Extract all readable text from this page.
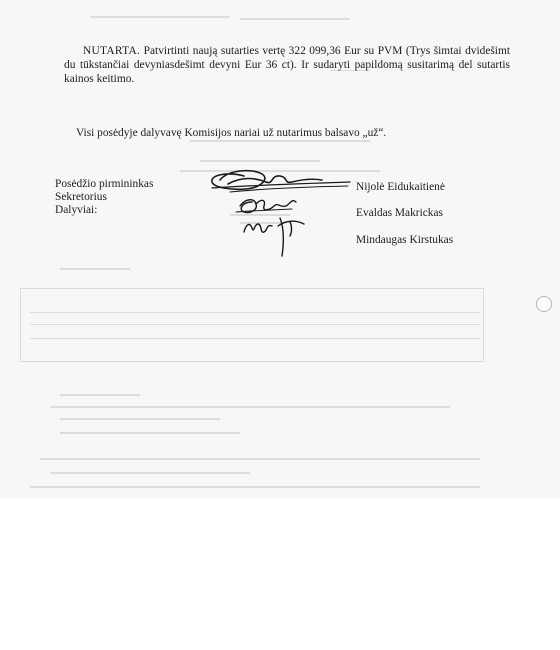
NUTARTA. Patvirtinti naują sutarties vertę 322 099,36 Eur su PVM (Trys šimtai dvidešimt du tūkstančiai devyniasdešimt devyni Eur 36 ct). Ir sudaryti papildomą susitarimą del sutartis kainos keitimo.

Visi posėdyje dalyvavę Komisijos nariai už nutarimus balsavo „už“.

Posėdžio pirmininkas
Sekretorius
Dalyviai:
Nijolė Eidukaitienė
Evaldas Makrickas
Mindaugas Kirstukas
